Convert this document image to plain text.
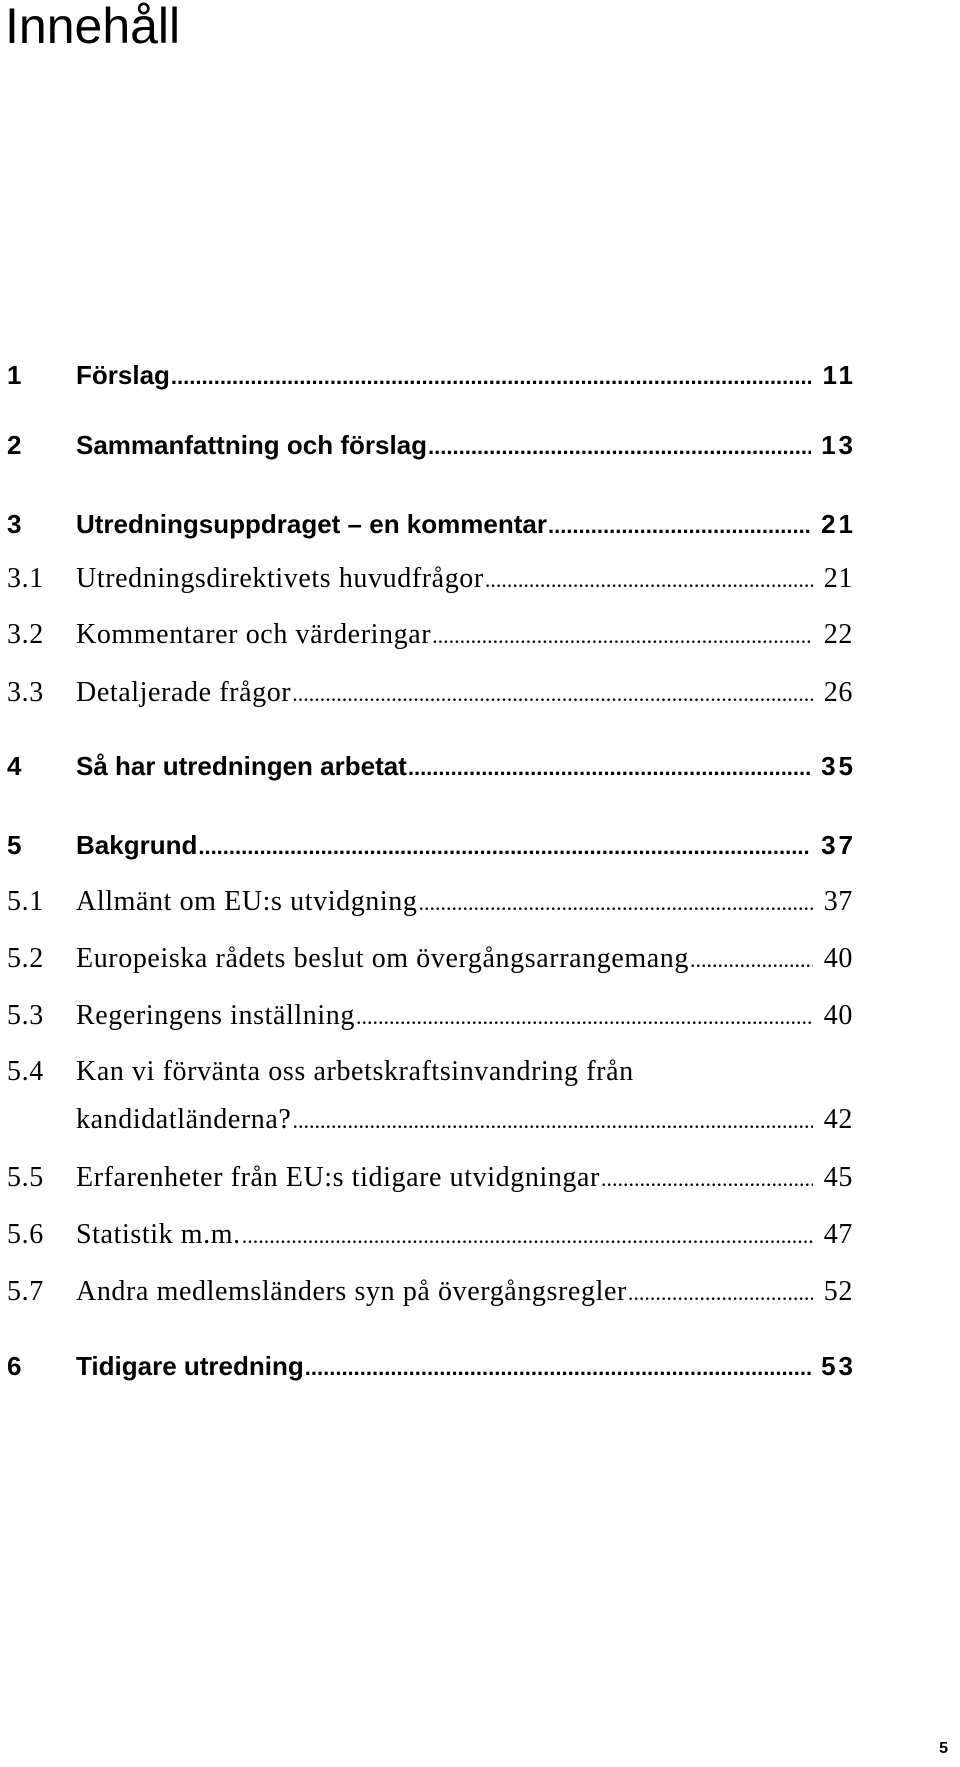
Innehåll
1 Förslag .....	11
2 Sammanfattning och förslag .....	13
3 Utredningsuppdraget – en kommentar .....	21
3.1 Utredningsdirektivets huvudfrågor .....	21
3.2 Kommentarer och värderingar .....	22
3.3 Detaljerade frågor .....	26
4 Så har utredningen arbetat .....	35
5 Bakgrund .....	37
5.1 Allmänt om EU:s utvidgning .....	37
5.2 Europeiska rådets beslut om övergångsarrangemang .....	40
5.3 Regeringens inställning .....	40
5.4 Kan vi förvänta oss arbetskraftsinvandring från
kandidatländerna? .....	42
5.5 Erfarenheter från EU:s tidigare utvidgningar .....	45
5.6 Statistik m.m. .....	47
5.7 Andra medlemsländers syn på övergångsregler .....	52
6 Tidigare utredning .....	53
5
